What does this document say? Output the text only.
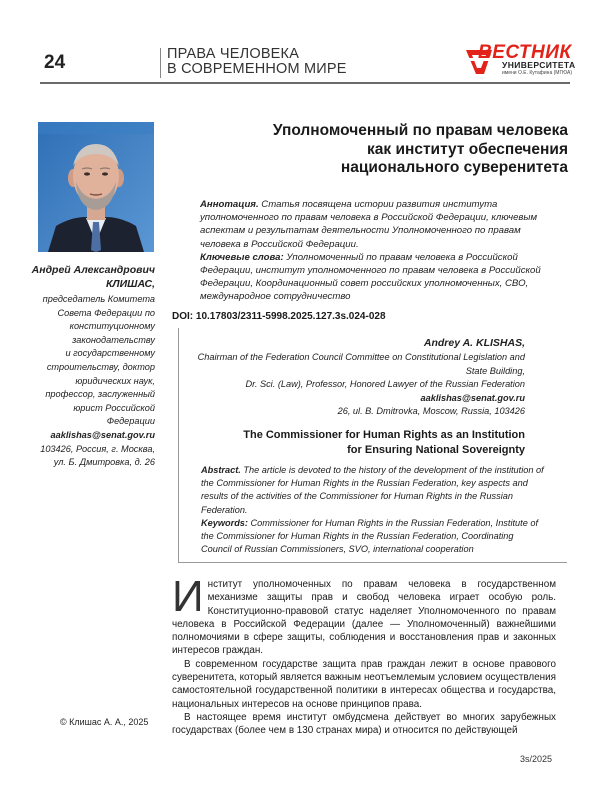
24	ПРАВА ЧЕЛОВЕКА
В СОВРЕМЕННОМ МИРЕ
ВЕСТНИК
УНИВЕРСИТЕТА
имени О.Е. Кутафина (МГЮА)
Андрей Александрович
КЛИШАС,
председатель Комитета
Совета Федерации по
конституционному
законодательству
и государственному
строительству, доктор
юридических наук,
профессор, заслуженный
юрист Российской
Федерации
aaklishas@senat.gov.ru
103426, Россия, г. Москва,
ул. Б. Дмитровка, д. 26
© Клишас А. А., 2025
Уполномоченный по правам человека
как институт обеспечения
национального суверенитета

Аннотация. Статья посвящена истории развития института уполномоченного по правам человека в Российской Федерации, ключевым аспектам и результатам деятельности Уполномоченного по правам человека в Российской Федерации.

Ключевые слова: Уполномоченный по правам человека в Российской Федерации, институт уполномоченного по правам человека в Российской Федерации, Координационный совет российских уполномоченных, СВО, международное сотрудничество

DOI: 10.17803/2311-5998.2025.127.3s.024-028
Andrey A. KLISHAS,
Chairman of the Federation Council Committee on Constitutional Legislation and
State Building,
Dr. Sci. (Law), Professor, Honored Lawyer of the Russian Federation
aaklishas@senat.gov.ru
26, ul. B. Dmitrovka, Moscow, Russia, 103426
The Commissioner for Human Rights as an Institution
for Ensuring National Sovereignty

Abstract. The article is devoted to the history of the development of the institution of the Commissioner for Human Rights in the Russian Federation, key aspects and results of the activities of the Commissioner for Human Rights in the Russian Federation.

Keywords: Commissioner for Human Rights in the Russian Federation, Institute of the Commissioner for Human Rights in the Russian Federation, Coordinating Council of Russian Commissioners, SVO, international cooperation

Институт уполномоченных по правам человека в государственном механизме защиты прав и свобод человека играет особую роль. Конституционно-правовой статус наделяет Уполномоченного по правам человека в Российской Федерации (далее — Уполномоченный) важнейшими полномочиями в сфере защиты, соблюдения и восстановления прав и законных интересов граждан.

В современном государстве защита прав граждан лежит в основе правового суверенитета, который является важным неотъемлемым условием осуществления самостоятельной государственной политики в интересах общества и государства, национальных интересов на основе принципов права.

В настоящее время институт омбудсмена действует во многих зарубежных государствах (более чем в 130 странах мира) и относится по действующей

3s/2025
